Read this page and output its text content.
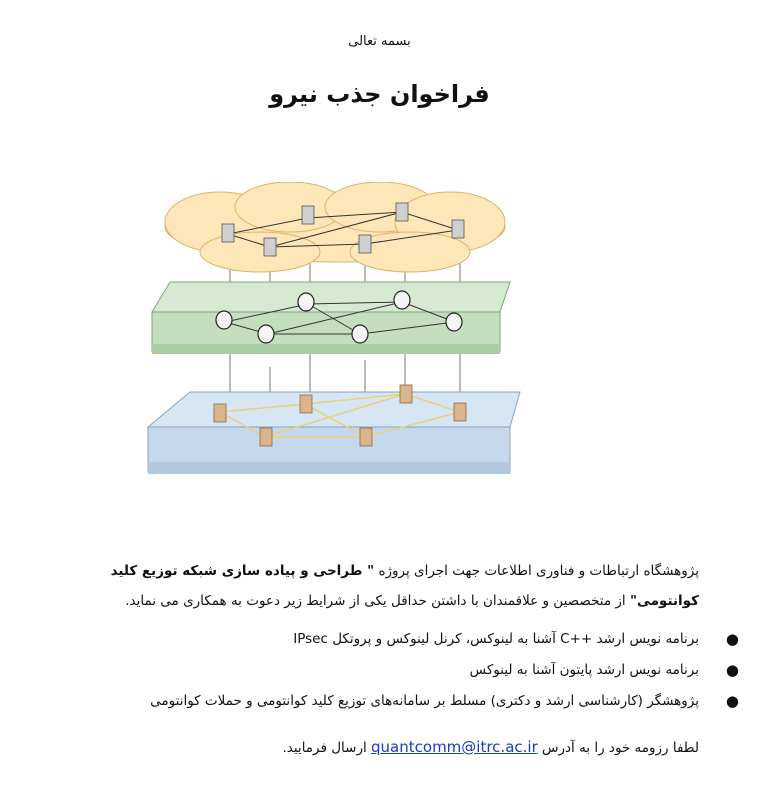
بسمه تعالی
فراخوان جذب نیرو
پژوهشگاه ارتباطات و فناوری اطلاعات جهت اجرای پروژه " طراحی و پیاده سازی شبکه توزیع کلید کوانتومی" از متخصصین و علاقمندان با داشتن حداقل یکی از شرایط زیر دعوت به همکاری می نماید.
●
برنامه نویس ارشد ++C آشنا به لینوکس، کرنل لینوکس و پروتکل IPsec
●
برنامه نویس ارشد پایتون آشنا به لینوکس
●
پژوهشگر (کارشناسی ارشد و دکتری) مسلط بر سامانه‌های توزیع کلید کوانتومی و حملات کوانتومی
لطفا رزومه خود را به آدرس quantcomm@itrc.ac.ir ارسال فرمایید.
